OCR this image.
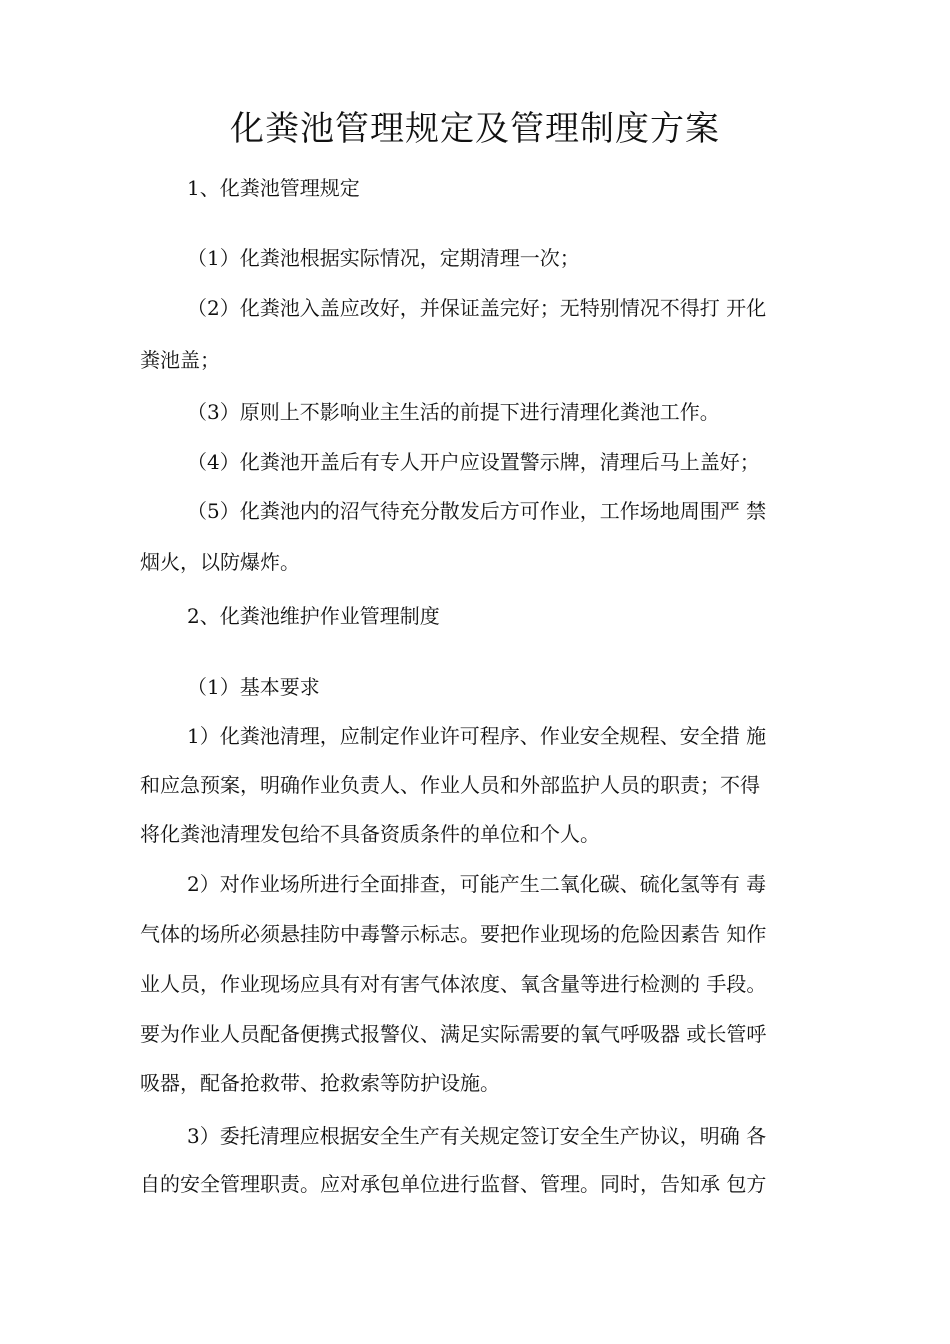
化粪池管理规定及管理制度方案
1、化粪池管理规定
（1）化粪池根据实际情况，定期清理一次；
（2）化粪池入盖应改好，并保证盖完好；无特别情况不得打 开化
粪池盖；
（3）原则上不影响业主生活的前提下进行清理化粪池工作。
（4）化粪池开盖后有专人开户应设置警示牌，清理后马上盖好；
（5）化粪池内的沼气待充分散发后方可作业，工作场地周围严 禁
烟火，以防爆炸。
2、化粪池维护作业管理制度
（1）基本要求
1）化粪池清理，应制定作业许可程序、作业安全规程、安全措 施
和应急预案，明确作业负责人、作业人员和外部监护人员的职责；不得
将化粪池清理发包给不具备资质条件的单位和个人。
2）对作业场所进行全面排查，可能产生二氧化碳、硫化氢等有 毒
气体的场所必须悬挂防中毒警示标志。要把作业现场的危险因素告 知作
业人员，作业现场应具有对有害气体浓度、氧含量等进行检测的 手段。
要为作业人员配备便携式报警仪、满足实际需要的氧气呼吸器 或长管呼
吸器，配备抢救带、抢救索等防护设施。
3）委托清理应根据安全生产有关规定签订安全生产协议，明确 各
自的安全管理职责。应对承包单位进行监督、管理。同时，告知承 包方
